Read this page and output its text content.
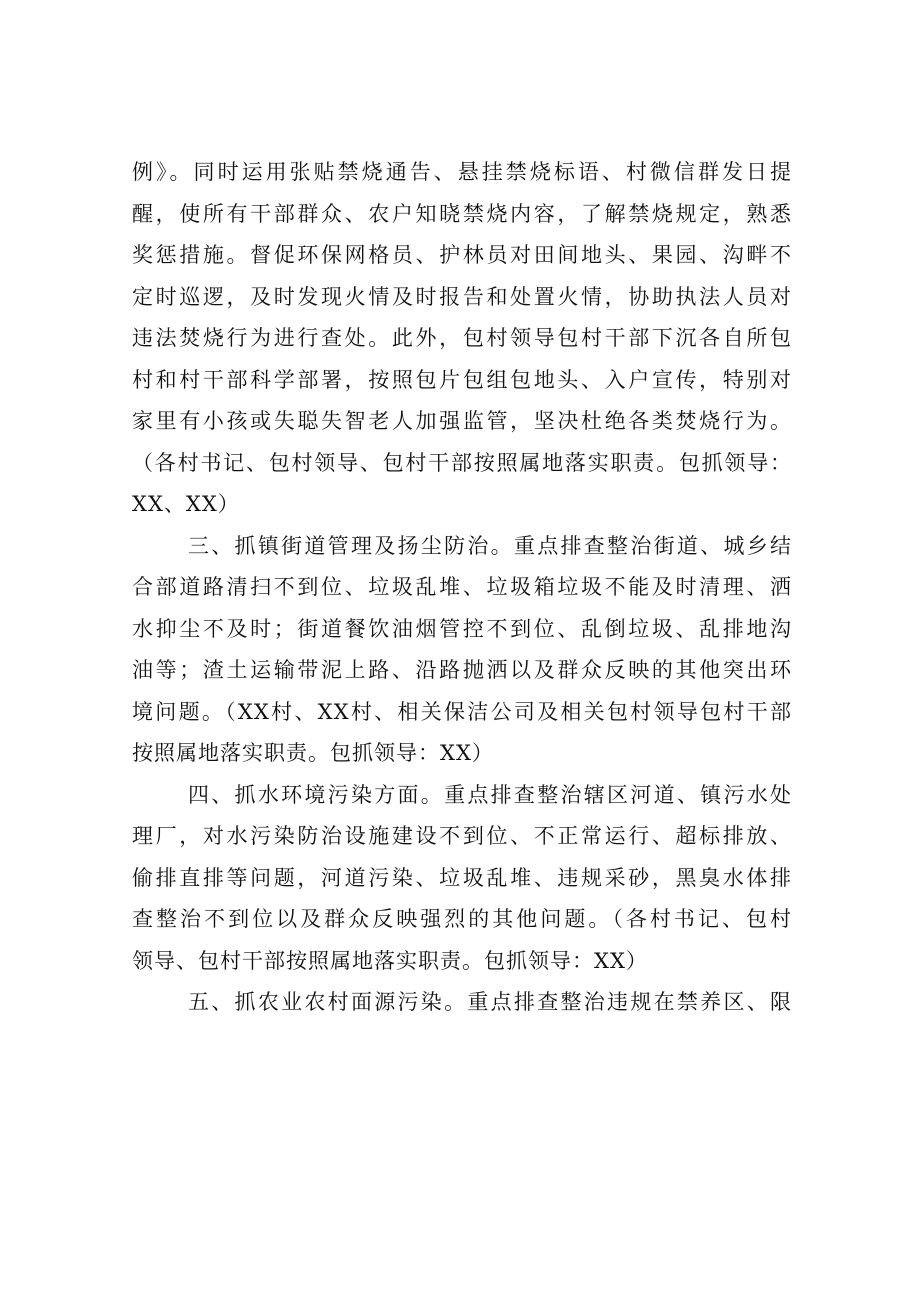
例》。同时运用张贴禁烧通告、悬挂禁烧标语、村微信群发日提
醒，使所有干部群众、农户知晓禁烧内容，了解禁烧规定，熟悉
奖惩措施。督促环保网格员、护林员对田间地头、果园、沟畔不
定时巡逻，及时发现火情及时报告和处置火情，协助执法人员对
违法焚烧行为进行查处。此外，包村领导包村干部下沉各自所包
村和村干部科学部署，按照包片包组包地头、入户宣传，特别对
家里有小孩或失聪失智老人加强监管，坚决杜绝各类焚烧行为。
（各村书记、包村领导、包村干部按照属地落实职责。包抓领导：
XX、XX）
三、抓镇街道管理及扬尘防治。重点排查整治街道、城乡结
合部道路清扫不到位、垃圾乱堆、垃圾箱垃圾不能及时清理、洒
水抑尘不及时；街道餐饮油烟管控不到位、乱倒垃圾、乱排地沟
油等；渣土运输带泥上路、沿路抛洒以及群众反映的其他突出环
境问题。（XX村、XX村、相关保洁公司及相关包村领导包村干部
按照属地落实职责。包抓领导：XX）
四、抓水环境污染方面。重点排查整治辖区河道、镇污水处
理厂，对水污染防治设施建设不到位、不正常运行、超标排放、
偷排直排等问题，河道污染、垃圾乱堆、违规采砂，黑臭水体排
查整治不到位以及群众反映强烈的其他问题。（各村书记、包村
领导、包村干部按照属地落实职责。包抓领导：XX）
五、抓农业农村面源污染。重点排查整治违规在禁养区、限
